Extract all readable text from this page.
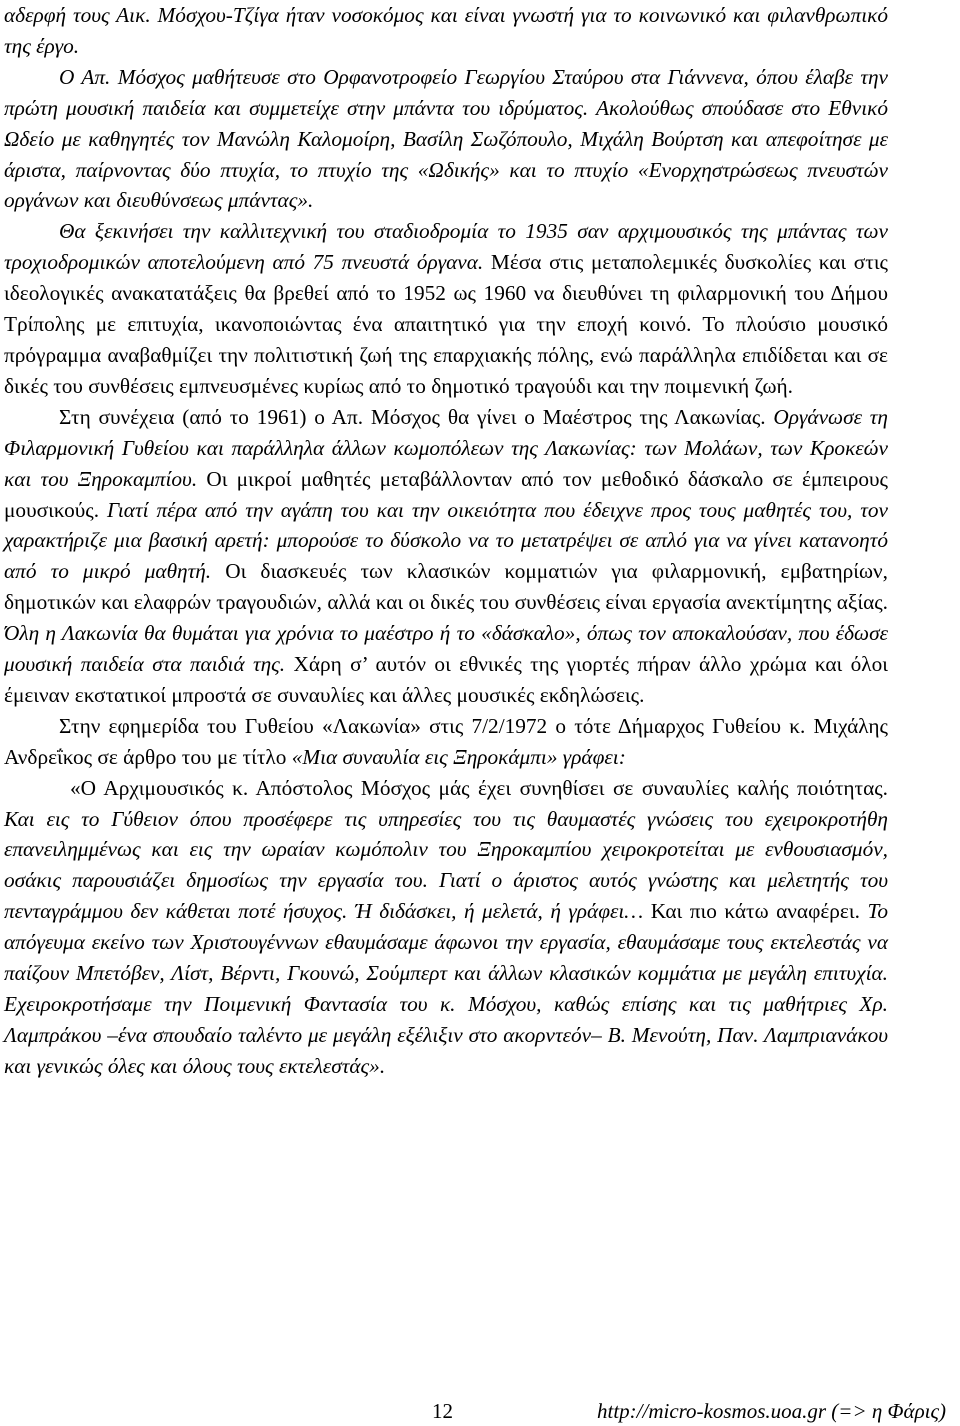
αδερφή τους Αικ. Μόσχου-Τζίγα ήταν νοσοκόμος και είναι γνωστή για το κοινωνικό και φιλανθρωπικό της έργο.

Ο Απ. Μόσχος μαθήτευσε στο Ορφανοτροφείο Γεωργίου Σταύρου στα Γιάννενα, όπου έλαβε την πρώτη μουσική παιδεία και συμμετείχε στην μπάντα του ιδρύματος. Ακολούθως σπούδασε στο Εθνικό Ωδείο με καθηγητές τον Μανώλη Καλομοίρη, Βασίλη Σωζόπουλο, Μιχάλη Βούρτση και απεφοίτησε με άριστα, παίρνοντας δύο πτυχία, το πτυχίο της «Ωδικής» και το πτυχίο «Ενορχηστρώσεως πνευστών οργάνων και διευθύνσεως μπάντας».

Θα ξεκινήσει την καλλιτεχνική του σταδιοδρομία το 1935 σαν αρχιμουσικός της μπάντας των τροχιοδρομικών αποτελούμενη από 75 πνευστά όργανα. Μέσα στις μεταπολεμικές δυσκολίες και στις ιδεολογικές ανακατατάξεις θα βρεθεί από το 1952 ως 1960 να διευθύνει τη φιλαρμονική του Δήμου Τρίπολης με επιτυχία, ικανοποιώντας ένα απαιτητικό για την εποχή κοινό. Το πλούσιο μουσικό πρόγραμμα αναβαθμίζει την πολιτιστική ζωή της επαρχιακής πόλης, ενώ παράλληλα επιδίδεται και σε δικές του συνθέσεις εμπνευσμένες κυρίως από το δημοτικό τραγούδι και την ποιμενική ζωή.

Στη συνέχεια (από το 1961) ο Απ. Μόσχος θα γίνει ο Μαέστρος της Λακωνίας. Οργάνωσε τη Φιλαρμονική Γυθείου και παράλληλα άλλων κωμοπόλεων της Λακωνίας: των Μολάων, των Κροκεών και του Ξηροκαμπίου. Οι μικροί μαθητές μεταβάλλονταν από τον μεθοδικό δάσκαλο σε έμπειρους μουσικούς. Γιατί πέρα από την αγάπη του και την οικειότητα που έδειχνε προς τους μαθητές του, τον χαρακτήριζε μια βασική αρετή: μπορούσε το δύσκολο να το μετατρέψει σε απλό για να γίνει κατανοητό από το μικρό μαθητή. Οι διασκευές των κλασικών κομματιών για φιλαρμονική, εμβατηρίων, δημοτικών και ελαφρών τραγουδιών, αλλά και οι δικές του συνθέσεις είναι εργασία ανεκτίμητης αξίας. Όλη η Λακωνία θα θυμάται για χρόνια το μαέστρο ή το «δάσκαλο», όπως τον αποκαλούσαν, που έδωσε μουσική παιδεία στα παιδιά της. Χάρη σ’ αυτόν οι εθνικές της γιορτές πήραν άλλο χρώμα και όλοι έμειναν εκστατικοί μπροστά σε συναυλίες και άλλες μουσικές εκδηλώσεις.

Στην εφημερίδα του Γυθείου «Λακωνία» στις 7/2/1972 ο τότε Δήμαρχος Γυθείου κ. Μιχάλης Ανδρεΐκος σε άρθρο του με τίτλο «Μια συναυλία εις Ξηροκάμπι» γράφει:

«Ο Αρχιμουσικός κ. Απόστολος Μόσχος μάς έχει συνηθίσει σε συναυλίες καλής ποιότητας. Και εις το Γύθειον όπου προσέφερε τις υπηρεσίες του τις θαυμαστές γνώσεις του εχειροκροτήθη επανειλημμένως και εις την ωραίαν κωμόπολιν του Ξηροκαμπίου χειροκροτείται με ενθουσιασμόν, οσάκις παρουσιάζει δημοσίως την εργασία του. Γιατί ο άριστος αυτός γνώστης και μελετητής του πενταγράμμου δεν κάθεται ποτέ ήσυχος. Ή διδάσκει, ή μελετά, ή γράφει… Και πιο κάτω αναφέρει. Το απόγευμα εκείνο των Χριστουγέννων εθαυμάσαμε άφωνοι την εργασία, εθαυμάσαμε τους εκτελεστάς να παίζουν Μπετόβεν, Λίστ, Βέρντι, Γκουνώ, Σούμπερτ και άλλων κλασικών κομμάτια με μεγάλη επιτυχία. Εχειροκροτήσαμε την Ποιμενική Φαντασία του κ. Μόσχου, καθώς επίσης και τις μαθήτριες Χρ. Λαμπράκου –ένα σπουδαίο ταλέντο με μεγάλη εξέλιξιν στο ακορντεόν– Β. Μενούτη, Παν. Λαμπριανάκου και γενικώς όλες και όλους τους εκτελεστάς».

12	http://micro-kosmos.uoa.gr (=> η Φάρις)
